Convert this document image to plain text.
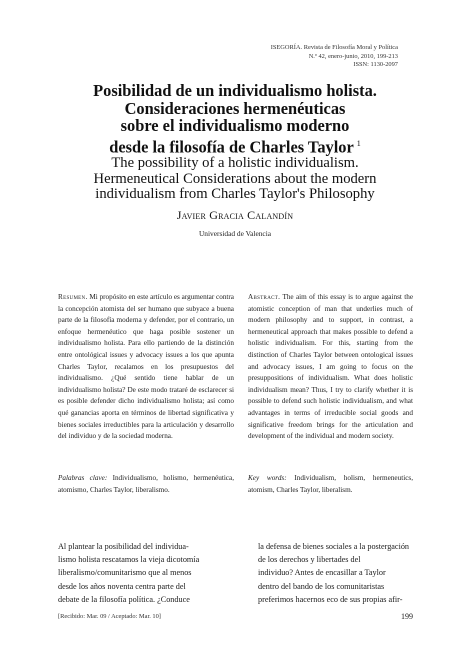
ISEGORÍA. Revista de Filosofía Moral y Política
N.º 42, enero-junio, 2010, 199-213
ISSN: 1130-2097
Posibilidad de un individualismo holista.
Consideraciones hermenéuticas
sobre el individualismo moderno
desde la filosofía de Charles Taylor $^1$
The possibility of a holistic individualism.
Hermeneutical Considerations about the modern
individualism from Charles Taylor's Philosophy
Javier Gracia Calandín
Universidad de Valencia
Resumen. Mi propósito en este artículo es argumentar contra la concepción atomista del ser humano que subyace a buena parte de la filosofía moderna y defender, por el contrario, un enfoque hermenéutico que haga posible sostener un individualismo holista. Para ello partiendo de la distinción entre ontológical issues y advocacy issues a los que apunta Charles Taylor, recalamos en los presupuestos del individualismo. ¿Qué sentido tiene hablar de un individualismo holista? De este modo trataré de esclarecer si es posible defender dicho individualismo holista; así como qué ganancias aporta en términos de libertad significativa y bienes sociales irreductibles para la articulación y desarrollo del individuo y de la sociedad moderna.
Palabras clave: Individualismo, holismo, hermenéutica, atomismo, Charles Taylor, liberalismo.
Abstract. The aim of this essay is to argue against the atomistic conception of man that underlies much of modern philosophy and to support, in contrast, a hermeneutical approach that makes possible to defend a holistic individualism. For this, starting from the distinction of Charles Taylor between ontological issues and advocacy issues, I am going to focus on the presuppositions of individualism. What does holistic individualism mean? Thus, I try to clarify whether it is possible to defend such holistic individualism, and what advantages in terms of irreducible social goods and significative freedom brings for the articulation and development of the individual and modern society.
Key words: Individualism, holism, hermeneutics, atomism, Charles Taylor, liberalism.
Al plantear la posibilidad del individua-
lismo holista rescatamos la vieja dicotomía
liberalismo/comunitarismo que al menos
desde los años noventa centra parte del
debate de la filosofía política. ¿Conduce
la defensa de bienes sociales a la postergación
de los derechos y libertades del
individuo? Antes de encasillar a Taylor
dentro del bando de los comunitaristas
preferimos hacernos eco de sus propias afir-
[Recibido: Mar. 09 / Aceptado: Mar. 10]	199
